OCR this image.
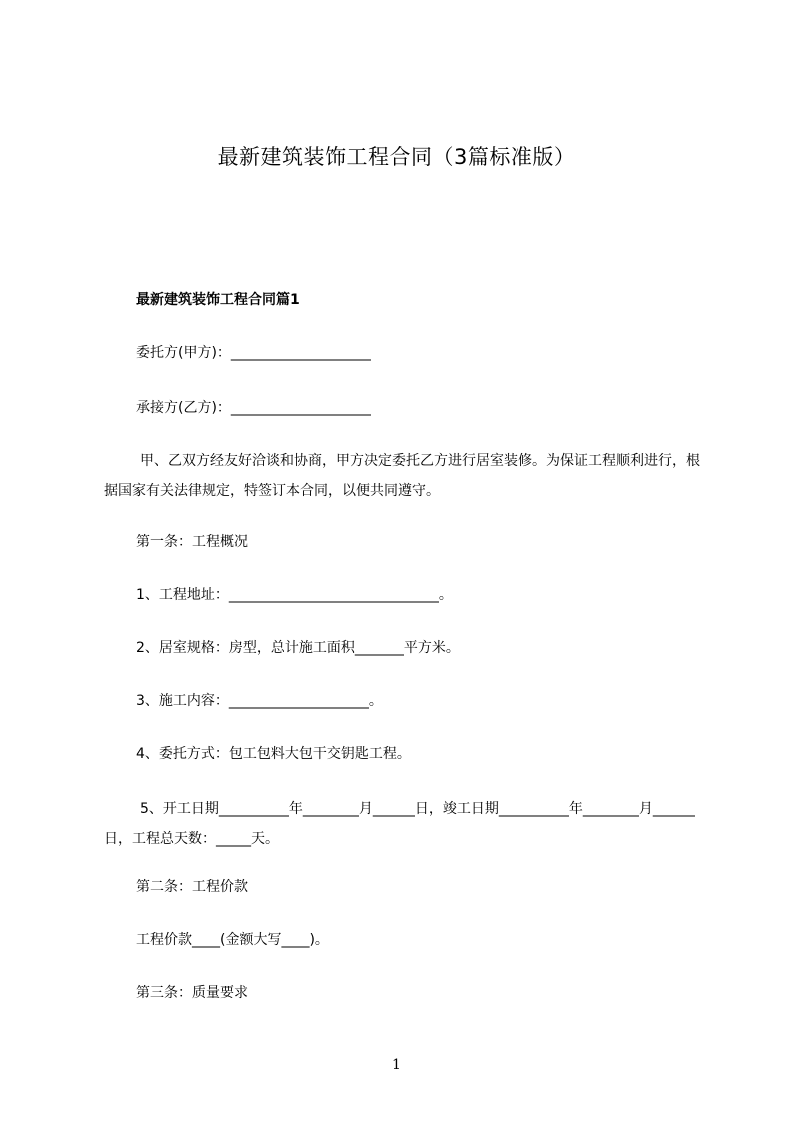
最新建筑装饰工程合同（3篇标准版）
最新建筑装饰工程合同篇1
委托方(甲方)：____________________
承接方(乙方)：____________________

甲、乙双方经友好洽谈和协商，甲方决定委托乙方进行居室装修。为保证工程顺利进行，根据国家有关法律规定，特签订本合同，以便共同遵守。

第一条：工程概况
1、工程地址：______________________________。
2、居室规格：房型，总计施工面积_______平方米。
3、施工内容：____________________。
4、委托方式：包工包料大包干交钥匙工程。

5、开工日期__________年________月______日，竣工日期__________年________月______日，工程总天数：_____天。

第二条：工程价款
工程价款____(金额大写____)。
第三条：质量要求
1
